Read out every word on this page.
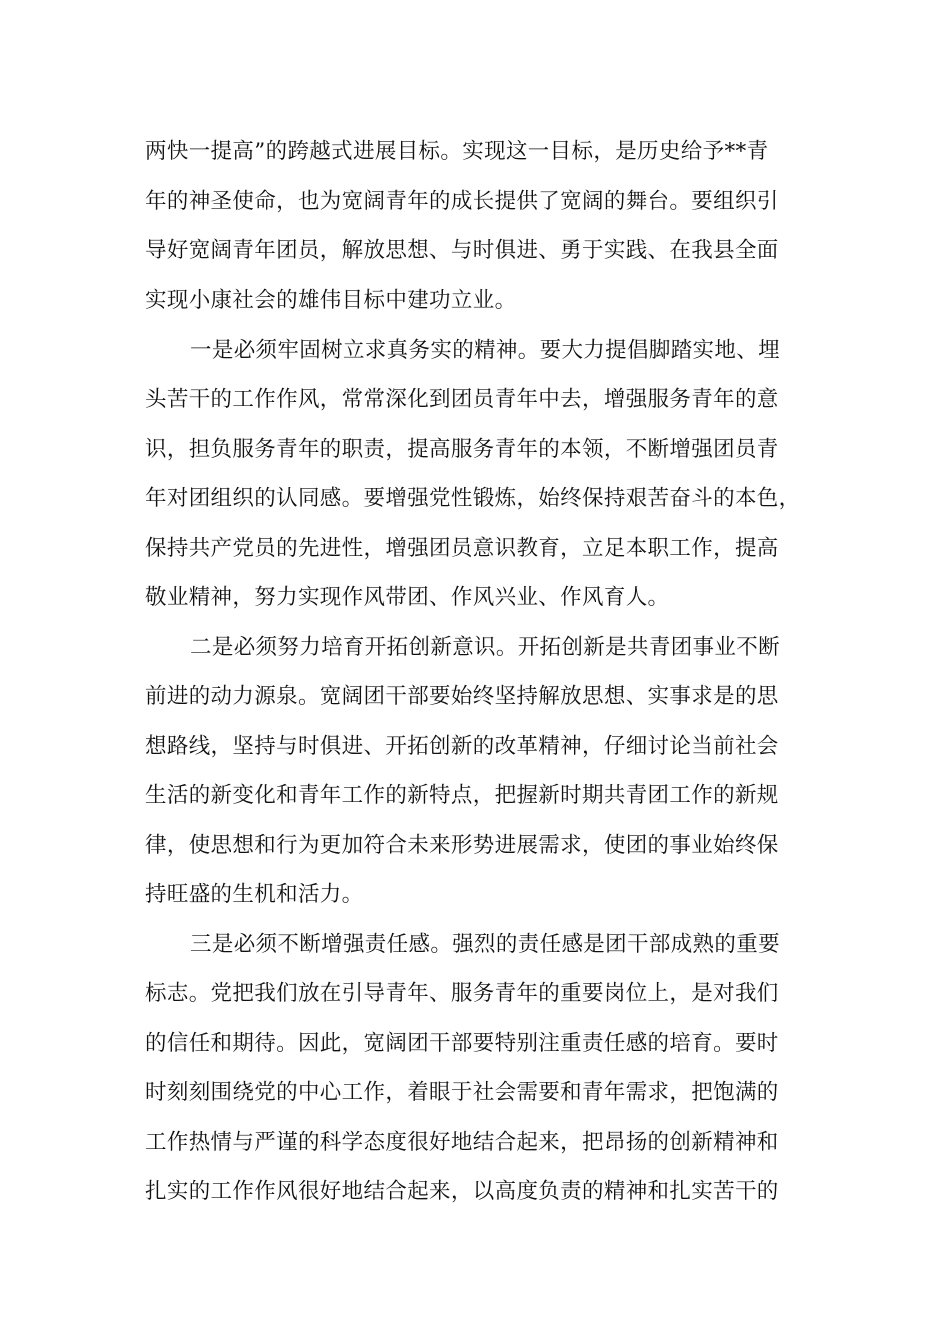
两快一提高”的跨越式进展目标。实现这一目标，是历史给予**青

年的神圣使命，也为宽阔青年的成长提供了宽阔的舞台。要组织引

导好宽阔青年团员，解放思想、与时俱进、勇于实践、在我县全面

实现小康社会的雄伟目标中建功立业。

一是必须牢固树立求真务实的精神。要大力提倡脚踏实地、埋

头苦干的工作作风，常常深化到团员青年中去，增强服务青年的意

识，担负服务青年的职责，提高服务青年的本领，不断增强团员青

年对团组织的认同感。要增强党性锻炼，始终保持艰苦奋斗的本色，

保持共产党员的先进性，增强团员意识教育，立足本职工作，提高

敬业精神，努力实现作风带团、作风兴业、作风育人。

二是必须努力培育开拓创新意识。开拓创新是共青团事业不断

前进的动力源泉。宽阔团干部要始终坚持解放思想、实事求是的思

想路线，坚持与时俱进、开拓创新的改革精神，仔细讨论当前社会

生活的新变化和青年工作的新特点，把握新时期共青团工作的新规

律，使思想和行为更加符合未来形势进展需求，使团的事业始终保

持旺盛的生机和活力。

三是必须不断增强责任感。强烈的责任感是团干部成熟的重要

标志。党把我们放在引导青年、服务青年的重要岗位上，是对我们

的信任和期待。因此，宽阔团干部要特别注重责任感的培育。要时

时刻刻围绕党的中心工作，着眼于社会需要和青年需求，把饱满的

工作热情与严谨的科学态度很好地结合起来，把昂扬的创新精神和

扎实的工作作风很好地结合起来，以高度负责的精神和扎实苦干的
